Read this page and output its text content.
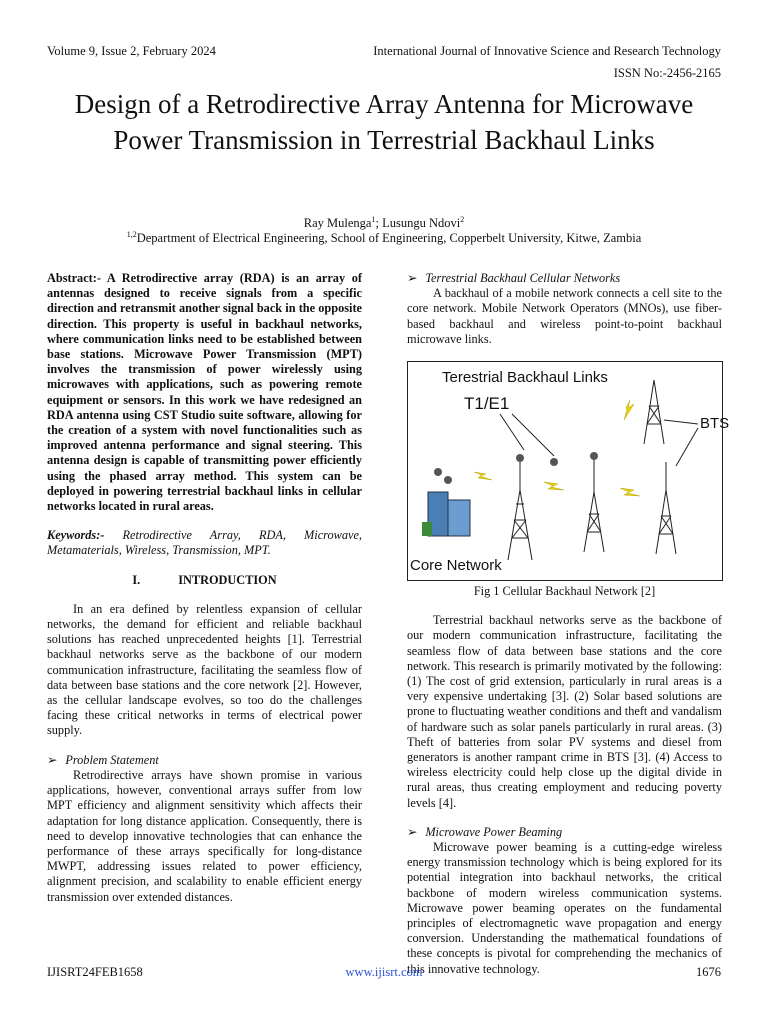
Volume 9, Issue 2, February 2024	International Journal of Innovative Science and Research Technology
ISSN No:-2456-2165
Design of a Retrodirective Array Antenna for Microwave Power Transmission in Terrestrial Backhaul Links
Ray Mulenga$^1$; Lusungu Ndovi$^2$
$^{1,2}$Department of Electrical Engineering, School of Engineering, Copperbelt University, Kitwe, Zambia

Abstract:- A Retrodirective array (RDA) is an array of antennas designed to receive signals from a specific direction and retransmit another signal back in the opposite direction. This property is useful in backhaul networks, where communication links need to be established between base stations. Microwave Power Transmission (MPT) involves the transmission of power wirelessly using microwaves with applications, such as powering remote equipment or sensors. In this work we have redesigned an RDA antenna using CST Studio suite software, allowing for the creation of a system with novel functionalities such as improved antenna performance and signal steering. This antenna design is capable of transmitting power efficiently using the phased array method. This system can be deployed in powering terrestrial backhaul links in cellular networks located in rural areas.

Keywords:- Retrodirective Array, RDA, Microwave, Metamaterials, Wireless, Transmission, MPT.

I.	INTRODUCTION

In an era defined by relentless expansion of cellular networks, the demand for efficient and reliable backhaul solutions has reached unprecedented heights [1]. Terrestrial backhaul networks serve as the backbone of our modern communication infrastructure, facilitating the seamless flow of data between base stations and the core network [2]. However, as the cellular landscape evolves, so too do the challenges facing these critical networks in terms of electrical power supply.

➢ Problem Statement

Retrodirective arrays have shown promise in various applications, however, conventional arrays suffer from low MPT efficiency and alignment sensitivity which affects their adaptation for long distance application. Consequently, there is need to develop innovative technologies that can enhance the performance of these arrays specifically for long-distance MWPT, addressing issues related to power efficiency, alignment precision, and scalability to enable efficient energy transmission over extended distances.

➢ Terrestrial Backhaul Cellular Networks

A backhaul of a mobile network connects a cell site to the core network. Mobile Network Operators (MNOs), use fiber-based backhaul and wireless point-to-point backhaul microwave links.

Terestrial Backhaul Links
T1/E1
BTS
Core Network

Fig 1 Cellular Backhaul Network [2]

Terrestrial backhaul networks serve as the backbone of our modern communication infrastructure, facilitating the seamless flow of data between base stations and the core network. This research is primarily motivated by the following: (1) The cost of grid extension, particularly in rural areas is a very expensive undertaking [3]. (2) Solar based solutions are prone to fluctuating weather conditions and theft and vandalism of hardware such as solar panels particularly in rural areas. (3) Theft of batteries from solar PV systems and diesel from generators is another rampant crime in BTS [3]. (4) Access to wireless electricity could help close up the digital divide in rural areas, thus creating employment and reducing poverty levels [4].

➢ Microwave Power Beaming

Microwave power beaming is a cutting-edge wireless energy transmission technology which is being explored for its potential integration into backhaul networks, the critical backbone of modern wireless communication systems. Microwave power beaming operates on the fundamental principles of electromagnetic wave propagation and energy conversion. Understanding the mathematical foundations of these concepts is pivotal for comprehending the mechanics of this innovative technology.

IJISRT24FEB1658	www.ijisrt.com	1676
